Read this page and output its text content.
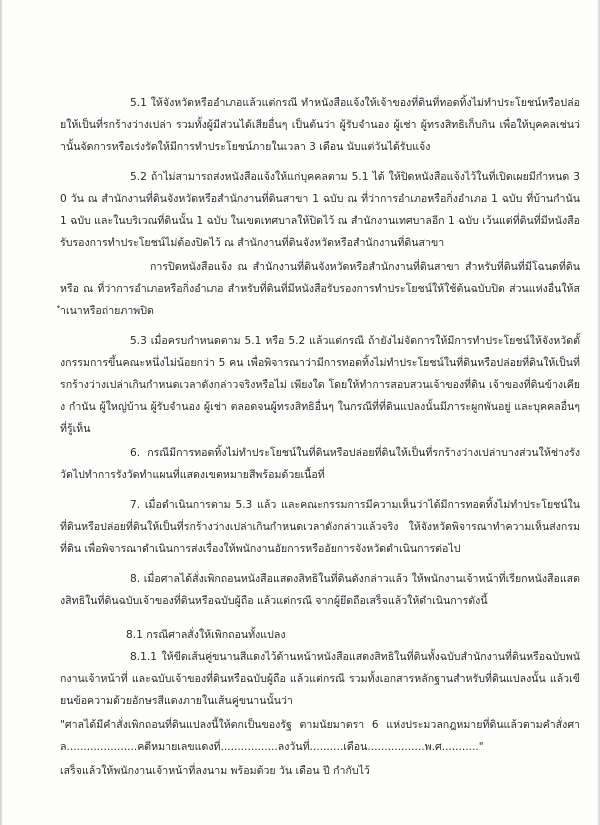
5.1 ให้จังหวัดหรืออำเภอแล้วแต่กรณี ทำหนังสือแจ้งให้เจ้าของที่ดินที่ทอดทิ้งไม่ทำประโยชน์หรือปล่อยให้เป็นที่รกร้างว่างเปล่า รวมทั้งผู้มีส่วนได้เสียอื่นๆ เป็นต้นว่า ผู้รับจำนอง ผู้เช่า ผู้ทรงสิทธิเก็บกิน เพื่อให้บุคคลเช่นว่านั้นจัดการหรือเร่งรัดให้มีการทำประโยชน์ภายในเวลา 3 เดือน นับแต่วันได้รับแจ้ง

5.2 ถ้าไม่สามารถส่งหนังสือแจ้งให้แก่บุคคลตาม 5.1 ได้ ให้ปิดหนังสือแจ้งไว้ในที่เปิดเผยมีกำหนด 30 วัน ณ สำนักงานที่ดินจังหวัดหรือสำนักงานที่ดินสาขา 1 ฉบับ ณ ที่ว่าการอำเภอหรือกิ่งอำเภอ 1 ฉบับ ที่บ้านกำนัน 1 ฉบับ และในบริเวณที่ดินนั้น 1 ฉบับ ในเขตเทศบาลให้ปิดไว้ ณ สำนักงานเทศบาลอีก 1 ฉบับ เว้นแต่ที่ดินที่มีหนังสือรับรองการทำประโยชน์ไม่ต้องปิดไว้ ณ สำนักงานที่ดินจังหวัดหรือสำนักงานที่ดินสาขา

การปิดหนังสือแจ้ง ณ สำนักงานที่ดินจังหวัดหรือสำนักงานที่ดินสาขา สำหรับที่ดินที่มีโฉนดที่ดิน หรือ ณ ที่ว่าการอำเภอหรือกิ่งอำเภอ สำหรับที่ดินที่มีหนังสือรับรองการทำประโยชน์ให้ใช้ต้นฉบับปิด ส่วนแห่งอื่นให้สำเนาหรือถ่ายภาพปิด

5.3 เมื่อครบกำหนดตาม 5.1 หรือ 5.2 แล้วแต่กรณี ถ้ายังไม่จัดการให้มีการทำประโยชน์ให้จังหวัดตั้งกรรมการขึ้นคณะหนึ่งไม่น้อยกว่า 5 คน เพื่อพิจารณาว่ามีการทอดทิ้งไม่ทำประโยชน์ในที่ดินหรือปล่อยที่ดินให้เป็นที่รกร้างว่างเปล่าเกินกำหนดเวลาดังกล่าวจริงหรือไม่ เพียงใด โดยให้ทำการสอบสวนเจ้าของที่ดิน เจ้าของที่ดินข้างเคียง กำนัน ผู้ใหญ่บ้าน ผู้รับจำนอง ผู้เช่า ตลอดจนผู้ทรงสิทธิอื่นๆ ในกรณีที่ที่ดินแปลงนั้นมีภาระผูกพันอยู่ และบุคคลอื่นๆ ที่รู้เห็น

6. กรณีมีการทอดทิ้งไม่ทำประโยชน์ในที่ดินหรือปล่อยที่ดินให้เป็นที่รกร้างว่างเปล่าบางส่วนให้ช่างรังวัดไปทำการรังวัดทำแผนที่แสดงเขตหมายสีพร้อมด้วยเนื้อที่

7. เมื่อดำเนินการตาม 5.3 แล้ว และคณะกรรมการมีความเห็นว่าได้มีการทอดทิ้งไม่ทำประโยชน์ในที่ดินหรือปล่อยที่ดินให้เป็นที่รกร้างว่างเปล่าเกินกำหนดเวลาดังกล่าวแล้วจริง ให้จังหวัดพิจารณาทำความเห็นส่งกรมที่ดิน เพื่อพิจารณาดำเนินการส่งเรื่องให้พนักงานอัยการหรืออัยการจังหวัดดำเนินการต่อไป

8. เมื่อศาลได้สั่งเพิกถอนหนังสือแสดงสิทธิในที่ดินดังกล่าวแล้ว ให้พนักงานเจ้าหน้าที่เรียกหนังสือแสดงสิทธิในที่ดินฉบับเจ้าของที่ดินหรือฉบับผู้ถือ แล้วแต่กรณี จากผู้ยึดถือเสร็จแล้วให้ดำเนินการดังนี้

8.1 กรณีศาลสั่งให้เพิกถอนทั้งแปลง

8.1.1 ให้ขีดเส้นคู่ขนานสีแดงไว้ด้านหน้าหนังสือแสดงสิทธิในที่ดินทั้งฉบับสำนักงานที่ดินหรือฉบับพนักงานเจ้าหน้าที่ และฉบับเจ้าของที่ดินหรือฉบับผู้ถือ แล้วแต่กรณี รวมทั้งเอกสารหลักฐานสำหรับที่ดินแปลงนั้น แล้วเขียนข้อความด้วยอักษรสีแดงภายในเส้นคู่ขนานนั้นว่า

"ศาลได้มีคำสั่งเพิกถอนที่ดินแปลงนี้ให้ตกเป็นของรัฐ ตามนัยมาตรา 6 แห่งประมวลกฎหมายที่ดินแล้วตามคำสั่งศาล.....................คดีหมายเลขแดงที่.................ลงวันที่..........เดือน.................พ.ศ..........."

เสร็จแล้วให้พนักงานเจ้าหน้าที่ลงนาม พร้อมด้วย วัน เดือน ปี กำกับไว้
